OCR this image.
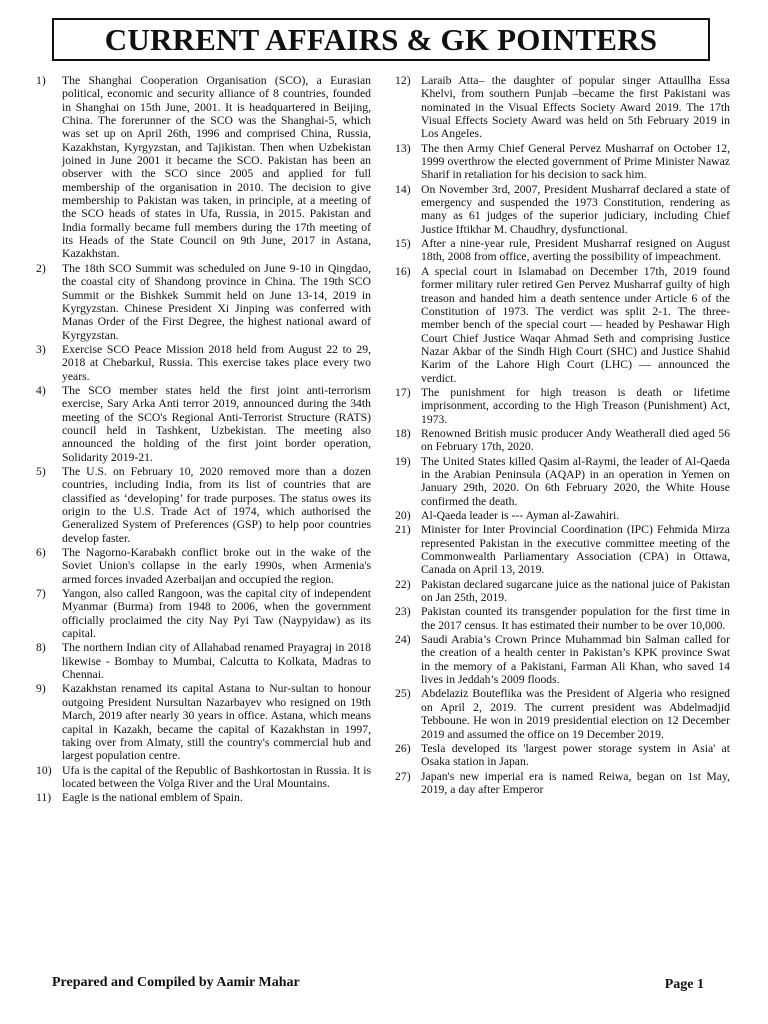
CURRENT AFFAIRS & GK POINTERS
1)	The Shanghai Cooperation Organisation (SCO), a Eurasian political, economic and security alliance of 8 countries, founded in Shanghai on 15th June, 2001. It is headquartered in Beijing, China. The forerunner of the SCO was the Shanghai-5, which was set up on April 26th, 1996 and comprised China, Russia, Kazakhstan, Kyrgyzstan, and Tajikistan. Then when Uzbekistan joined in June 2001 it became the SCO. Pakistan has been an observer with the SCO since 2005 and applied for full membership of the organisation in 2010. The decision to give membership to Pakistan was taken, in principle, at a meeting of the SCO heads of states in Ufa, Russia, in 2015. Pakistan and India formally became full members during the 17th meeting of its Heads of the State Council on 9th June, 2017 in Astana, Kazakhstan.
2)	The 18th SCO Summit was scheduled on June 9-10 in Qingdao, the coastal city of Shandong province in China. The 19th SCO Summit or the Bishkek Summit held on June 13-14, 2019 in Kyrgyzstan. Chinese President Xi Jinping was conferred with Manas Order of the First Degree, the highest national award of Kyrgyzstan.
3)	Exercise SCO Peace Mission 2018 held from August 22 to 29, 2018 at Chebarkul, Russia. This exercise takes place every two years.
4)	The SCO member states held the first joint anti-terrorism exercise, Sary Arka Anti terror 2019, announced during the 34th meeting of the SCO's Regional Anti-Terrorist Structure (RATS) council held in Tashkent, Uzbekistan. The meeting also announced the holding of the first joint border operation, Solidarity 2019-21.
5)	The U.S. on February 10, 2020 removed more than a dozen countries, including India, from its list of countries that are classified as ‘developing’ for trade purposes. The status owes its origin to the U.S. Trade Act of 1974, which authorised the Generalized System of Preferences (GSP) to help poor countries develop faster.
6)	The Nagorno-Karabakh conflict broke out in the wake of the Soviet Union's collapse in the early 1990s, when Armenia's armed forces invaded Azerbaijan and occupied the region.
7)	Yangon, also called Rangoon, was the capital city of independent Myanmar (Burma) from 1948 to 2006, when the government officially proclaimed the city Nay Pyi Taw (Naypyidaw) as its capital.
8)	The northern Indian city of Allahabad renamed Prayagraj in 2018 likewise - Bombay to Mumbai, Calcutta to Kolkata, Madras to Chennai.
9)	Kazakhstan renamed its capital Astana to Nur-sultan to honour outgoing President Nursultan Nazarbayev who resigned on 19th March, 2019 after nearly 30 years in office. Astana, which means capital in Kazakh, became the capital of Kazakhstan in 1997, taking over from Almaty, still the country's commercial hub and largest population centre.
10) Ufa is the capital of the Republic of Bashkortostan in Russia. It is located between the Volga River and the Ural Mountains.
11) Eagle is the national emblem of Spain.
12) Laraib Atta– the daughter of popular singer Attaullha Essa Khelvi, from southern Punjab –became the first Pakistani was nominated in the Visual Effects Society Award 2019. The 17th Visual Effects Society Award was held on 5th February 2019 in Los Angeles.
13) The then Army Chief General Pervez Musharraf on October 12, 1999 overthrow the elected government of Prime Minister Nawaz Sharif in retaliation for his decision to sack him.
14) On November 3rd, 2007, President Musharraf declared a state of emergency and suspended the 1973 Constitution, rendering as many as 61 judges of the superior judiciary, including Chief Justice Iftikhar M. Chaudhry, dysfunctional.
15) After a nine-year rule, President Musharraf resigned on August 18th, 2008 from office, averting the possibility of impeachment.
16) A special court in Islamabad on December 17th, 2019 found former military ruler retired Gen Pervez Musharraf guilty of high treason and handed him a death sentence under Article 6 of the Constitution of 1973. The verdict was split 2-1. The three-member bench of the special court — headed by Peshawar High Court Chief Justice Waqar Ahmad Seth and comprising Justice Nazar Akbar of the Sindh High Court (SHC) and Justice Shahid Karim of the Lahore High Court (LHC) — announced the verdict.
17) The punishment for high treason is death or lifetime imprisonment, according to the High Treason (Punishment) Act, 1973.
18) Renowned British music producer Andy Weatherall died aged 56 on February 17th, 2020.
19) The United States killed Qasim al-Raymi, the leader of Al-Qaeda in the Arabian Peninsula (AQAP) in an operation in Yemen on January 29th, 2020. On 6th February 2020, the White House confirmed the death.
20) Al-Qaeda leader is --- Ayman al-Zawahiri.
21) Minister for Inter Provincial Coordination (IPC) Fehmida Mirza represented Pakistan in the executive committee meeting of the Commonwealth Parliamentary Association (CPA) in Ottawa, Canada on April 13, 2019.
22) Pakistan declared sugarcane juice as the national juice of Pakistan on Jan 25th, 2019.
23) Pakistan counted its transgender population for the first time in the 2017 census. It has estimated their number to be over 10,000.
24) Saudi Arabia’s Crown Prince Muhammad bin Salman called for the creation of a health center in Pakistan’s KPK province Swat in the memory of a Pakistani, Farman Ali Khan, who saved 14 lives in Jeddah’s 2009 floods.
25) Abdelaziz Bouteflika was the President of Algeria who resigned on April 2, 2019. The current president was Abdelmadjid Tebboune. He won in 2019 presidential election on 12 December 2019 and assumed the office on 19 December 2019.
26) Tesla developed its 'largest power storage system in Asia' at Osaka station in Japan.
27) Japan's new imperial era is named Reiwa, began on 1st May, 2019, a day after Emperor
Prepared and Compiled by Aamir Mahar	Page 1
